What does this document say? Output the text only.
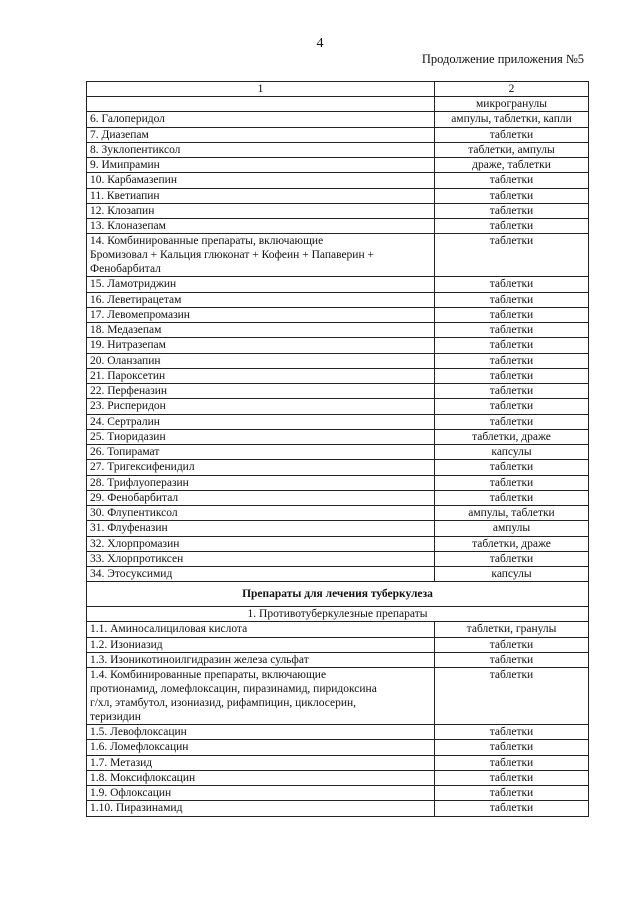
4
Продолжение приложения №5
1	2
	микрогранулы
6. Галоперидол	ампулы, таблетки, капли
7. Диазепам	таблетки
8. Зуклопентиксол	таблетки, ампулы
9. Имипрамин	драже, таблетки
10. Карбамазепин	таблетки
11. Кветиапин	таблетки
12. Клозапин	таблетки
13. Клоназепам	таблетки
14. Комбинированные препараты, включающие
Бромизовал + Кальция глюконат + Кофеин + Папаверин +
Фенобарбитал	таблетки
15. Ламотриджин	таблетки
16. Леветирацетам	таблетки
17. Левомепромазин	таблетки
18. Медазепам	таблетки
19. Нитразепам	таблетки
20. Оланзапин	таблетки
21. Пароксетин	таблетки
22. Перфеназин	таблетки
23. Рисперидон	таблетки
24. Сертралин	таблетки
25. Тиоридазин	таблетки, драже
26. Топирамат	капсулы
27. Тригексифенидил	таблетки
28. Трифлуоперазин	таблетки
29. Фенобарбитал	таблетки
30. Флупентиксол	ампулы, таблетки
31. Флуфеназин	ампулы
32. Хлорпромазин	таблетки, драже
33. Хлорпротиксен	таблетки
34. Этосуксимид	капсулы
Препараты для лечения туберкулеза	
1. Противотуберкулезные препараты	
1.1. Аминосалициловая кислота	таблетки, гранулы
1.2. Изониазид	таблетки
1.3. Изоникотиноилгидразин железа сульфат	таблетки
1.4. Комбинированные препараты, включающие
протионамид, ломефлоксацин, пиразинамид, пиридоксина
г/хл, этамбутол, изониазид, рифампицин, циклосерин,
теризидин	таблетки
1.5. Левофлоксацин	таблетки
1.6. Ломефлоксацин	таблетки
1.7. Метазид	таблетки
1.8. Моксифлоксацин	таблетки
1.9. Офлоксацин	таблетки
1.10. Пиразинамид	таблетки
